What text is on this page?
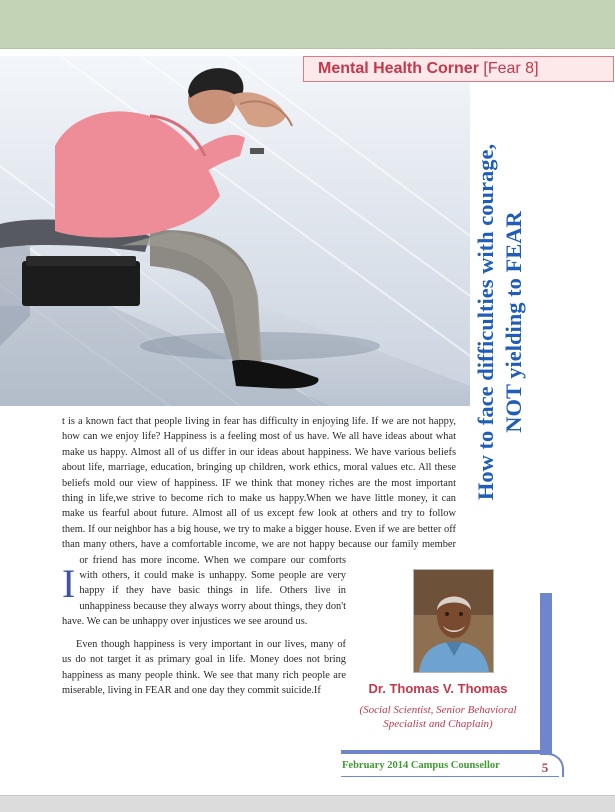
Mental Health Corner [Fear 8]
How to face difficulties with courage, NOT yielding to FEAR

I
t is a known fact that people living in fear has difficulty in enjoying life. If we are not happy, how can we enjoy life? Happiness is a feeling most of us have. We all have ideas about what make us happy. Almost all of us differ in our ideas about happiness. We have various beliefs about life, marriage, education, bringing up children, work ethics, moral values etc. All these beliefs mold our view of happiness. IF we think that money riches are the most important thing in life,we strive to become rich to make us happy.When we have little money, it can make us fearful about future. Almost all of us except few look at others and try to follow them. If our neighbor has a big house, we try to make a bigger house. Even if we are better off than many others, have a comfortable income, we are not happy because our family member or friend has more income. When we compare our comforts with others, it could make is unhappy. Some people are very happy if they have basic things in life. Others live in unhappiness because they always worry about things, they don't have. We can be unhappy over injustices we see around us.

Even though happiness is very important in our lives, many of us do not target it as primary goal in life. Money does not bring happiness as many people think. We see that many rich people are miserable, living in FEAR and one day they commit suicide.If	Dr. Thomas V. Thomas
(Social Scientist, Senior Behavioral
Specialist and Chaplain)
February 2014 Campus Counsellor	5
